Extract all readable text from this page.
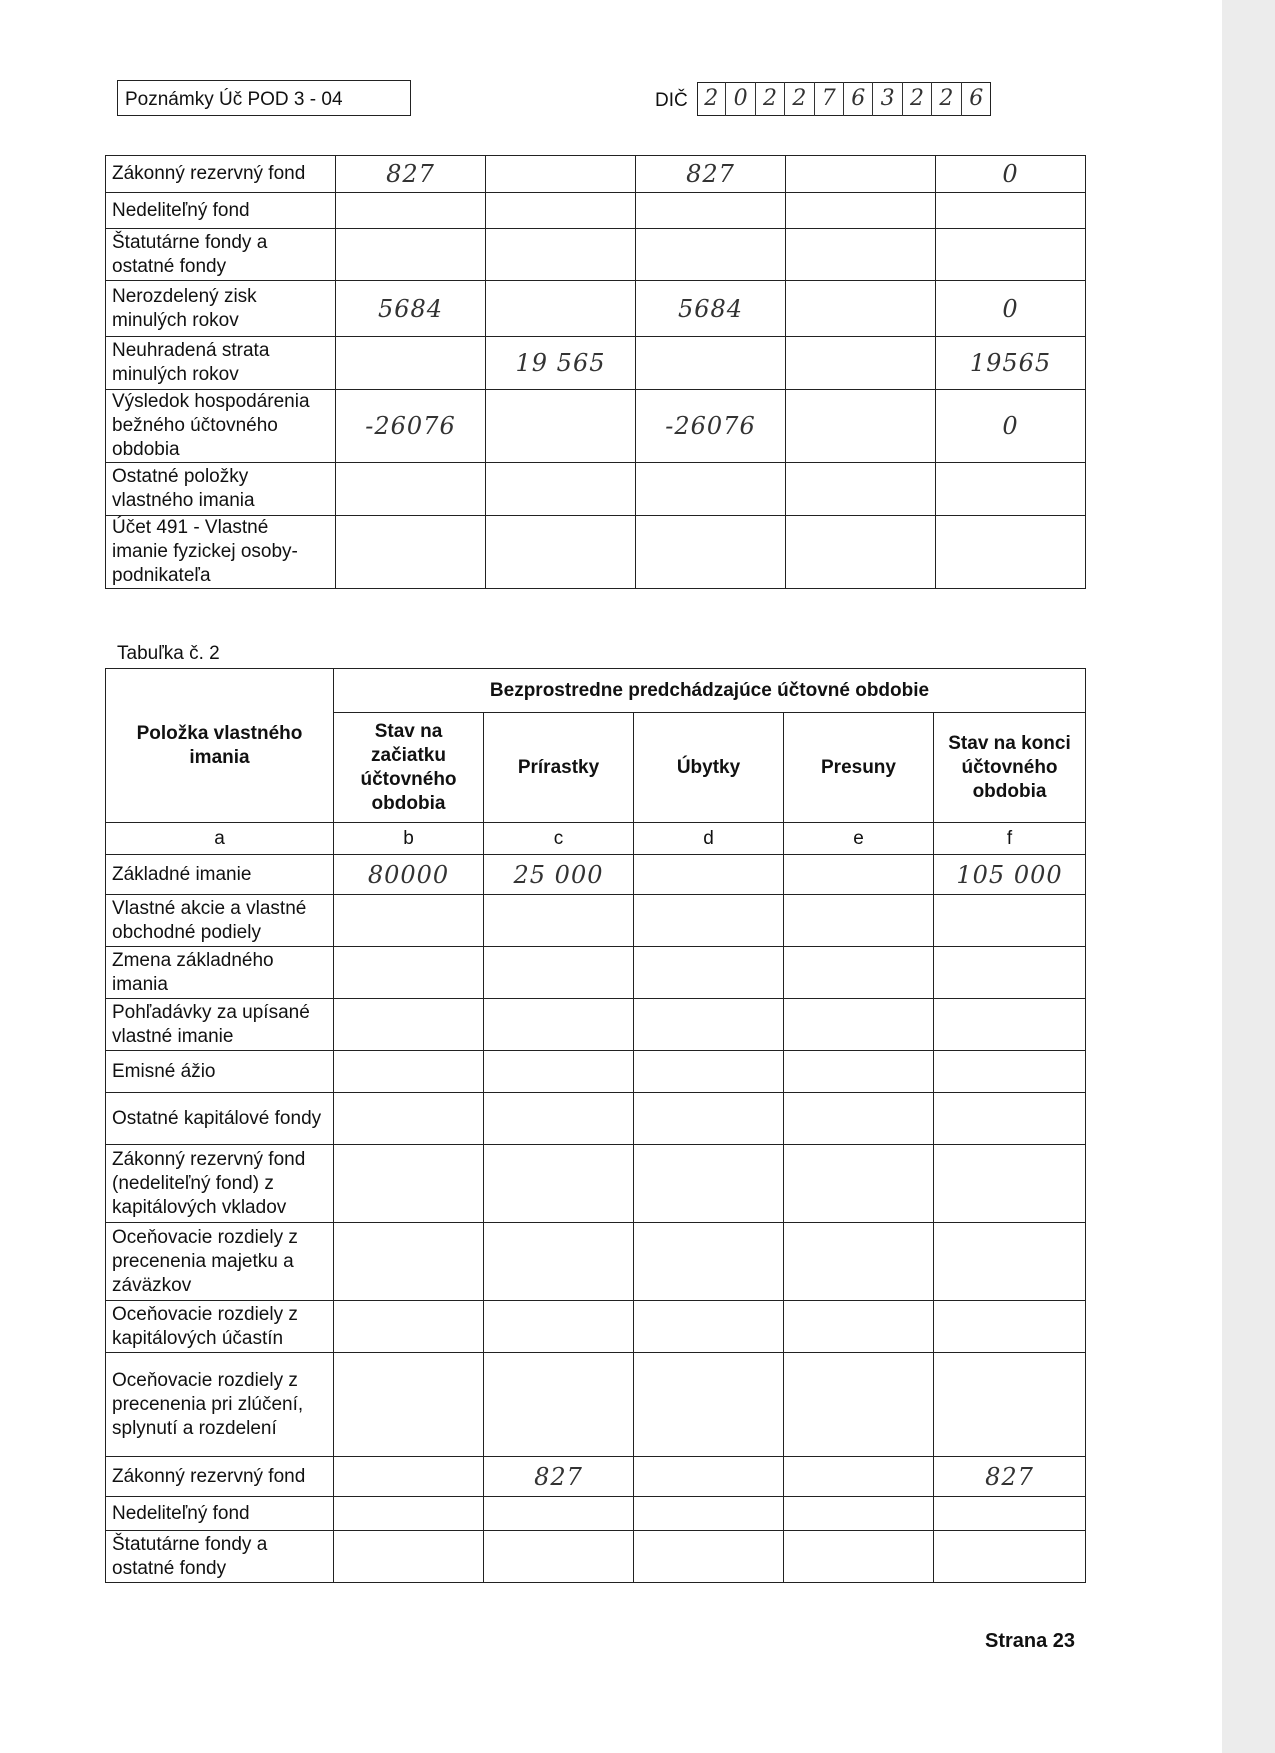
Poznámky Úč POD 3 - 04	DIČ 2 0 2 2 7 6 3 2 2 6
Zákonný rezervný fond	827		827		0
Nedeliteľný fond					
Štatutárne fondy a ostatné fondy					
Nerozdelený zisk minulých rokov	5684		5684		0
Neuhradená strata minulých rokov		19 565			19565
Výsledok hospodárenia bežného účtovného obdobia	-26076		-26076		0
Ostatné položky vlastného imania					
Účet 491 - Vlastné imanie fyzickej osoby-podnikateľa					
Tabuľka č. 2
Položka vlastného imania	Bezprostredne predchádzajúce účtovné obdobie				
	Stav na začiatku účtovného obdobia	Prírastky	Úbytky	Presuny	Stav na konci účtovného obdobia
a	b	c	d	e	f
Základné imanie	80000	25 000			105 000
Vlastné akcie a vlastné obchodné podiely					
Zmena základného imania					
Pohľadávky za upísané vlastné imanie					
Emisné ážio					
Ostatné kapitálové fondy					
Zákonný rezervný fond (nedeliteľný fond) z kapitálových vkladov					
Oceňovacie rozdiely z precenenia majetku a záväzkov					
Oceňovacie rozdiely z kapitálových účastín					
Oceňovacie rozdiely z precenenia pri zlúčení, splynutí a rozdelení					
Zákonný rezervný fond		827			827
Nedeliteľný fond					
Štatutárne fondy a ostatné fondy					
Strana 23
